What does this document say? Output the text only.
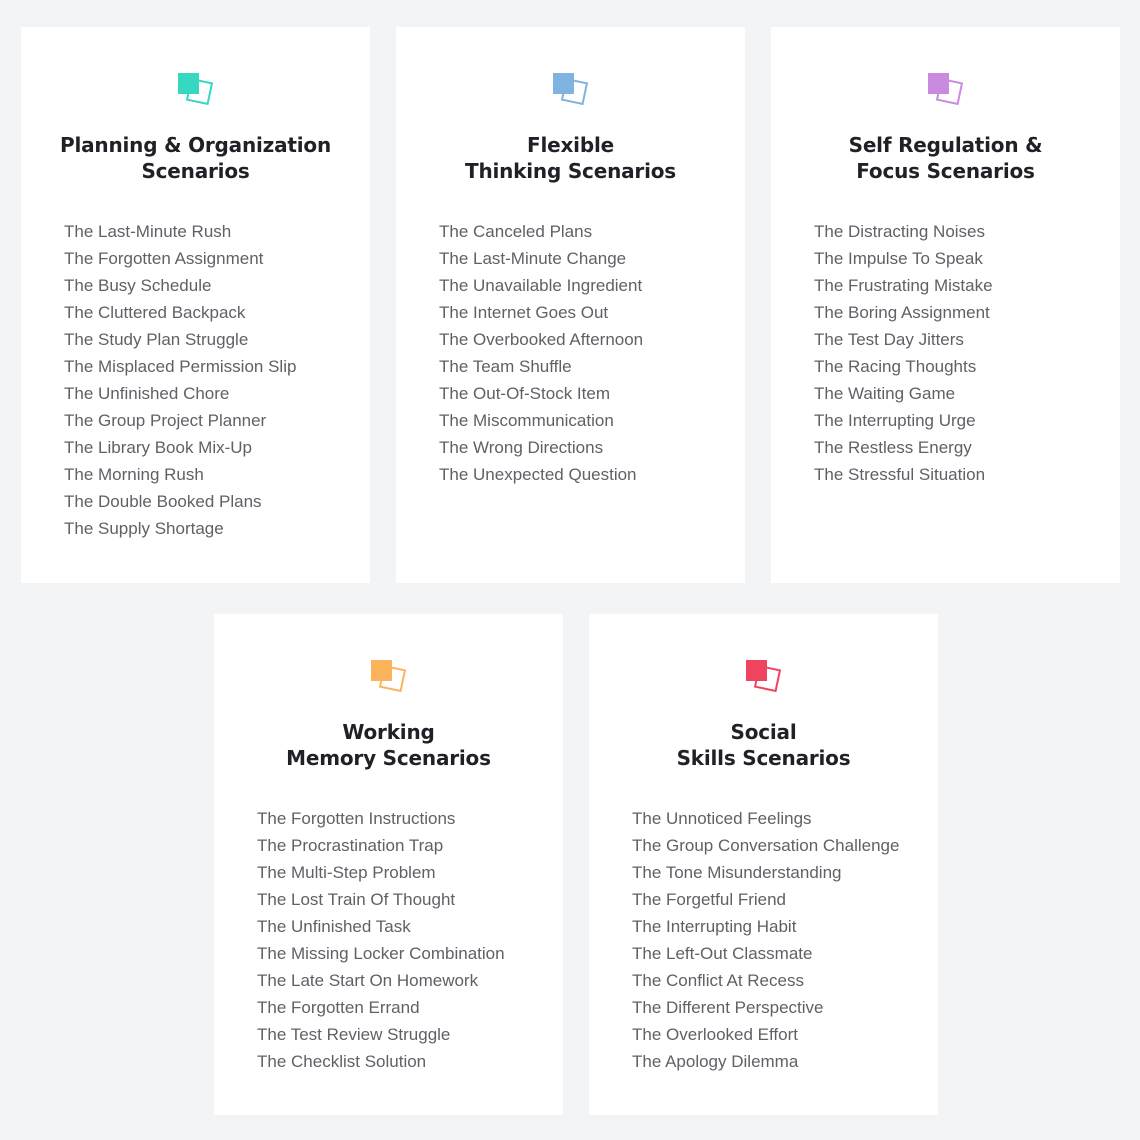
Planning & Organization
Scenarios
The Last-Minute Rush
The Forgotten Assignment
The Busy Schedule
The Cluttered Backpack
The Study Plan Struggle
The Misplaced Permission Slip
The Unfinished Chore
The Group Project Planner
The Library Book Mix-Up
The Morning Rush
The Double Booked Plans
The Supply Shortage
Flexible
Thinking Scenarios
The Canceled Plans
The Last-Minute Change
The Unavailable Ingredient
The Internet Goes Out
The Overbooked Afternoon
The Team Shuffle
The Out-Of-Stock Item
The Miscommunication
The Wrong Directions
The Unexpected Question
Self Regulation &
Focus Scenarios
The Distracting Noises
The Impulse To Speak
The Frustrating Mistake
The Boring Assignment
The Test Day Jitters
The Racing Thoughts
The Waiting Game
The Interrupting Urge
The Restless Energy
The Stressful Situation
Working
Memory Scenarios
The Forgotten Instructions
The Procrastination Trap
The Multi-Step Problem
The Lost Train Of Thought
The Unfinished Task
The Missing Locker Combination
The Late Start On Homework
The Forgotten Errand
The Test Review Struggle
The Checklist Solution
Social
Skills Scenarios
The Unnoticed Feelings
The Group Conversation Challenge
The Tone Misunderstanding
The Forgetful Friend
The Interrupting Habit
The Left-Out Classmate
The Conflict At Recess
The Different Perspective
The Overlooked Effort
The Apology Dilemma
